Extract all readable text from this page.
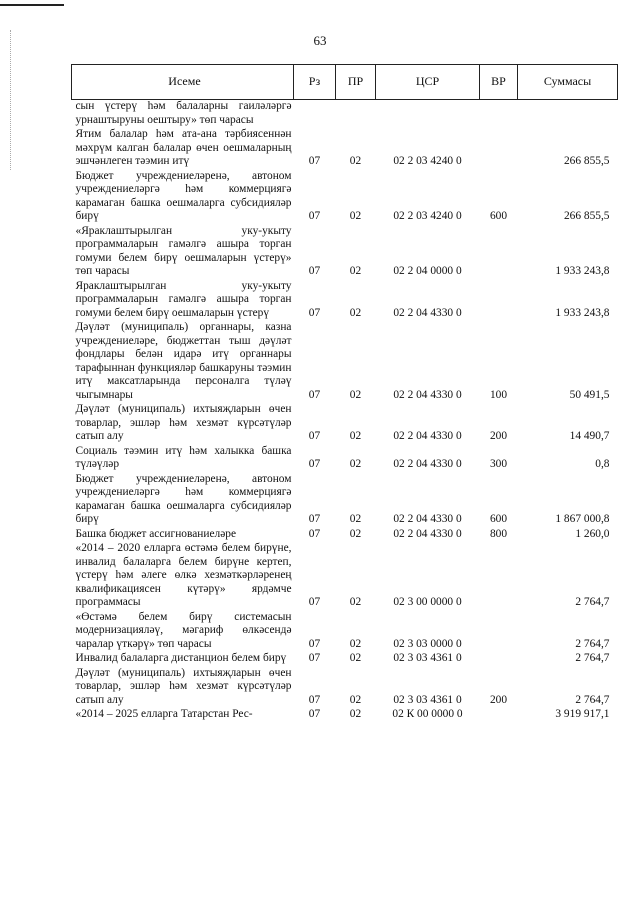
63
Исеме	Рз	ПР	ЦСР	ВР	Суммасы
сын үстерү һәм балаларны гаиләләргә урнаштыруны оештыру» төп чарасы					
Ятим балалар һәм ата-ана тәрбиясеннән мәхрүм калган балалар өчен оешмаларның эшчәнлеген тәэмин итү	07	02	02 2 03 4240 0		266 855,5
Бюджет учреждениеләренә, автоном учреждениеләргә һәм коммерциягә карамаган башка оешмаларга субсидияләр бирү	07	02	02 2 03 4240 0	600	266 855,5
«Яраклаштырылган уку-укыту программаларын гамәлгә ашыра торган гомуми белем бирү оешмаларын үстерү» төп чарасы	07	02	02 2 04 0000 0		1 933 243,8
Яраклаштырылган уку-укыту программаларын гамәлгә ашыра торган гомуми белем бирү оешмаларын үстерү	07	02	02 2 04 4330 0		1 933 243,8
Дәүләт (муниципаль) органнары, казна учреждениеләре, бюджеттан тыш дәүләт фондлары белән идарә итү органнары тарафыннан функцияләр башкаруны тәэмин итү максатларында персоналга түләү чыгымнары	07	02	02 2 04 4330 0	100	50 491,5
Дәүләт (муниципаль) ихтыяҗларын өчен товарлар, эшләр һәм хезмәт күрсәтүләр сатып алу	07	02	02 2 04 4330 0	200	14 490,7
Социаль тәэмин итү һәм халыкка башка түләүләр	07	02	02 2 04 4330 0	300	0,8
Бюджет учреждениеләренә, автоном учреждениеләргә һәм коммерциягә карамаган башка оешмаларга субсидияләр бирү	07	02	02 2 04 4330 0	600	1 867 000,8
Башка бюджет ассигнованиеләре	07	02	02 2 04 4330 0	800	1 260,0
«2014 – 2020 елларга өстәмә белем бирүне, инвалид балаларга белем бирүне кертеп, үстерү һәм әлеге өлкә хезмәткәрләренең квалификациясен күтәрү» ярдәмче программасы	07	02	02 3 00 0000 0		2 764,7
«Өстәмә белем бирү системасын модернизацияләү, мәгариф өлкәсендә чаралар үткәрү» төп чарасы	07	02	02 3 03 0000 0		2 764,7
Инвалид балаларга дистанцион белем бирү	07	02	02 3 03 4361 0		2 764,7
Дәүләт (муниципаль) ихтыяҗларын өчен товарлар, эшләр һәм хезмәт күрсәтүләр сатып алу	07	02	02 3 03 4361 0	200	2 764,7
«2014 – 2025 елларга Татарстан Рес-	07	02	02 К 00 0000 0		3 919 917,1
